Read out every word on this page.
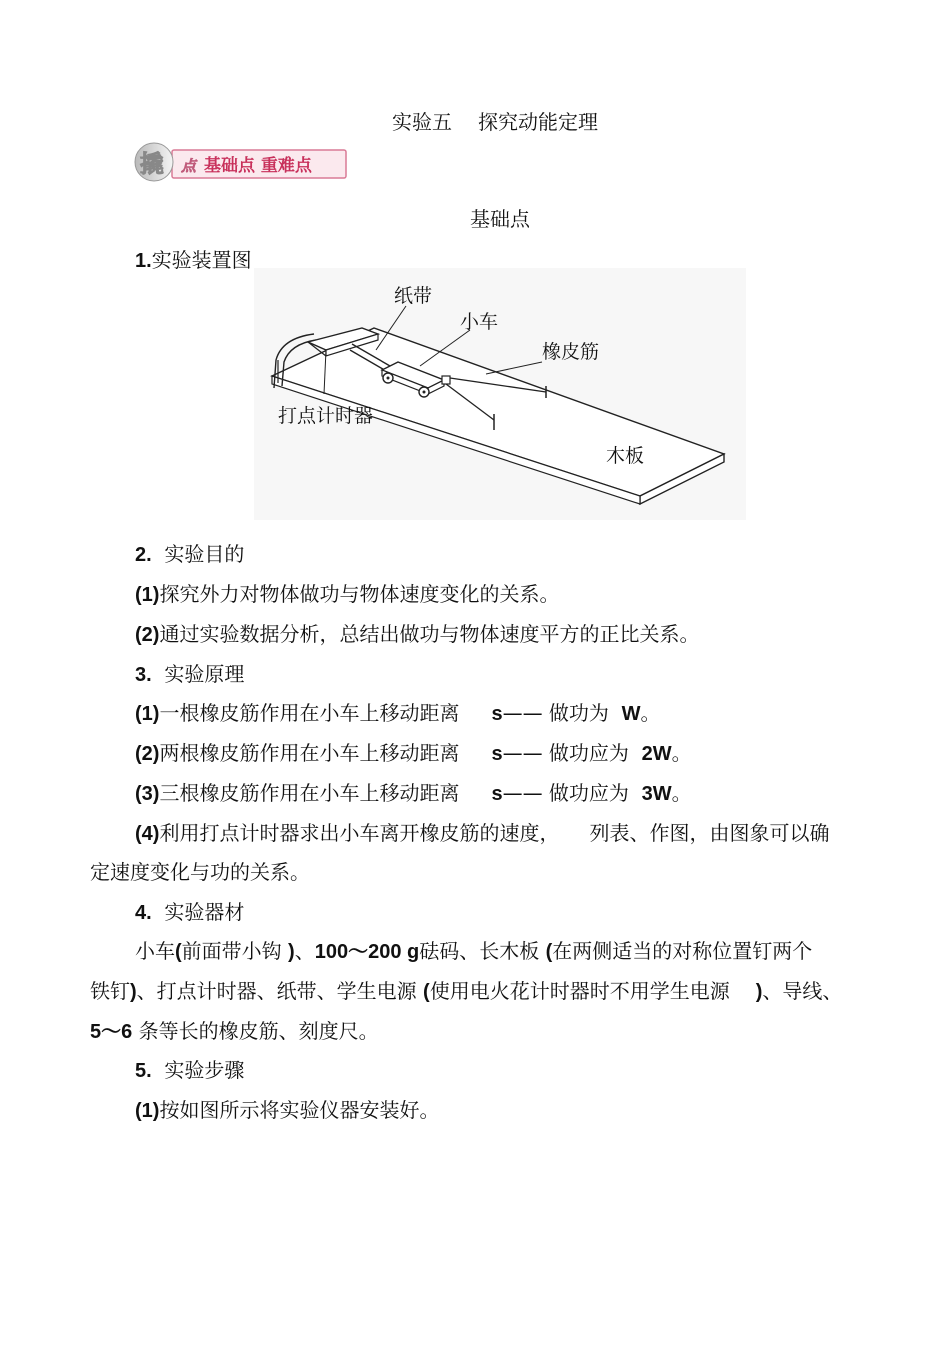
实验五 探究动能定理
撬 点 基础点 重难点
基础点
1.实验装置图
纸带
小车
橡皮筋
打点计时器
木板
2. 实验目的
(1)探究外力对物体做功与物体速度变化的关系。
(2)通过实验数据分析，总结出做功与物体速度平方的正比关系。
3. 实验原理
(1)一根橡皮筋作用在小车上移动距离 s—— 做功为 W。
(2)两根橡皮筋作用在小车上移动距离 s—— 做功应为 2W。
(3)三根橡皮筋作用在小车上移动距离 s—— 做功应为 3W。
(4)利用打点计时器求出小车离开橡皮筋的速度，　　列表、作图，由图象可以确
定速度变化与功的关系。
4. 实验器材
小车(前面带小钩 )、100～200 g砝码、长木板 (在两侧适当的对称位置钉两个
铁钉)、打点计时器、纸带、学生电源 (使用电火花计时器时不用学生电源 )、导线、
5～6 条等长的橡皮筋、刻度尺。
5. 实验步骤
(1)按如图所示将实验仪器安装好。
